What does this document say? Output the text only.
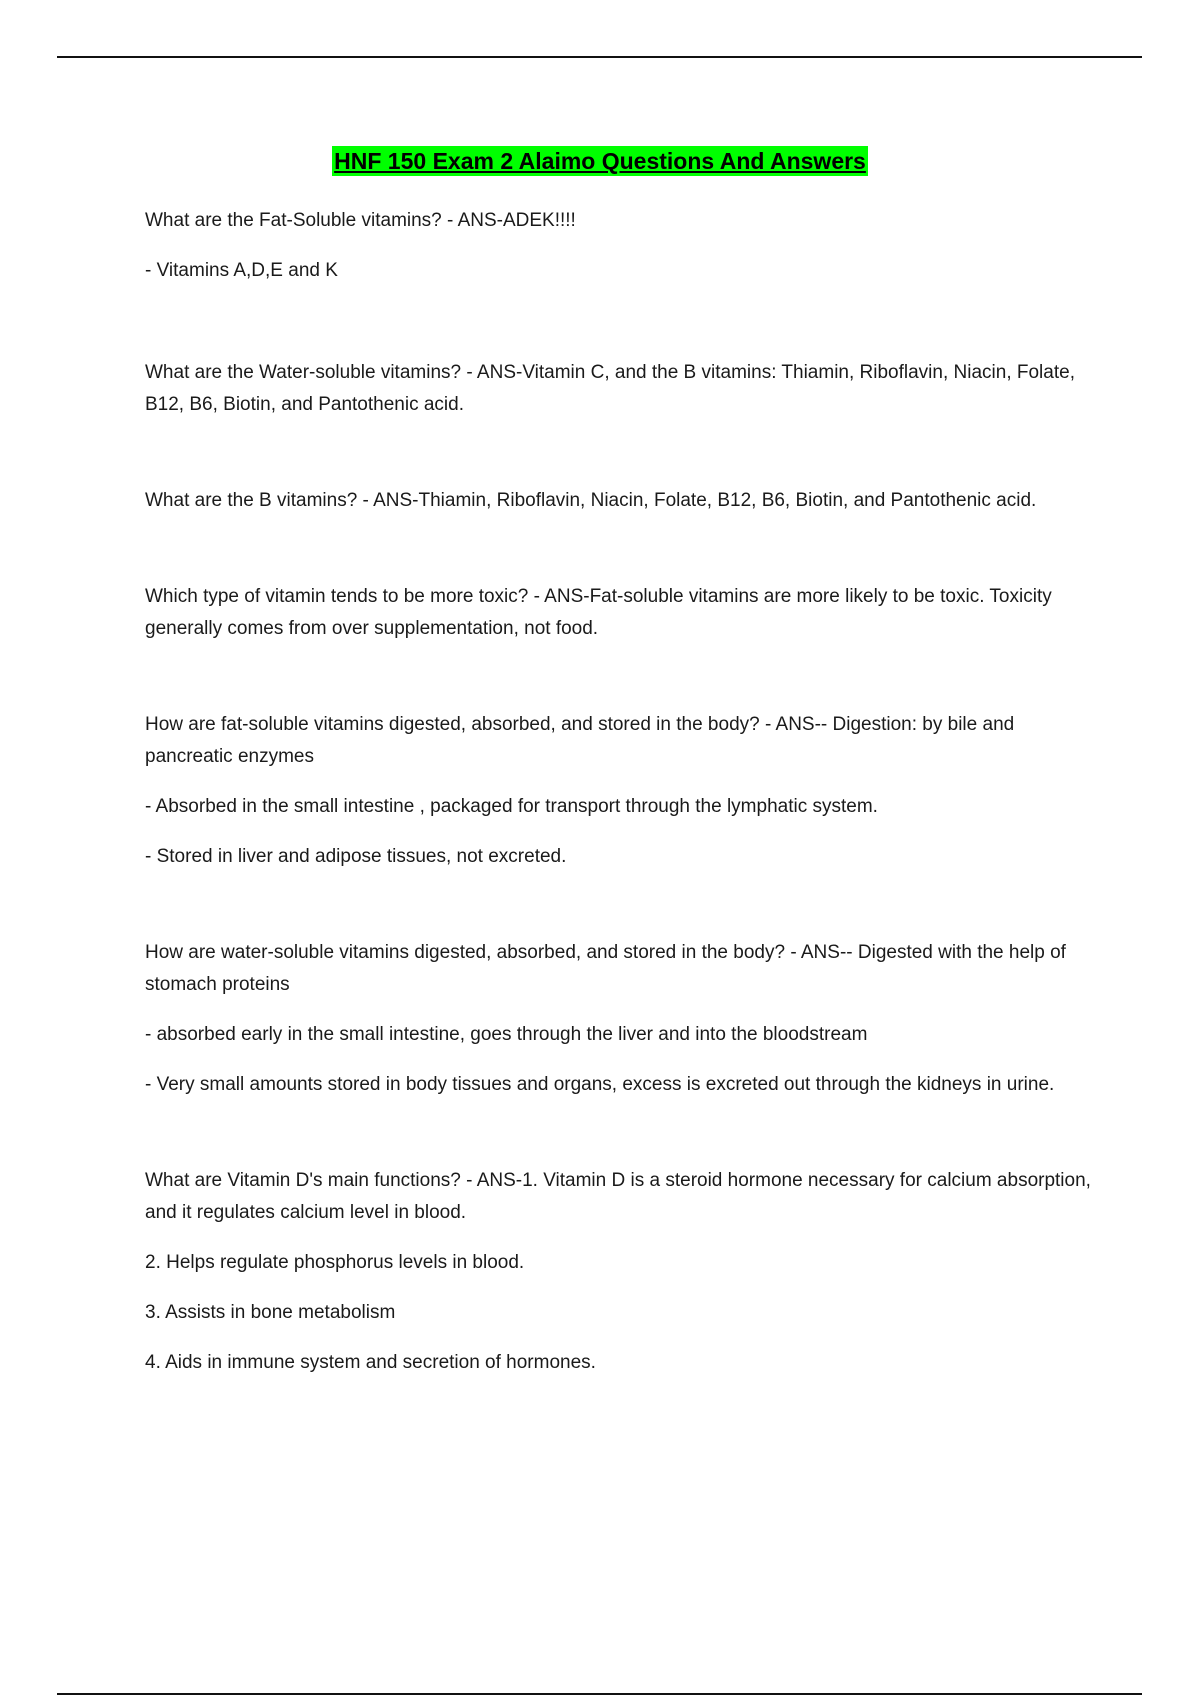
HNF 150 Exam 2 Alaimo Questions And Answers

What are the Fat-Soluble vitamins? - ANS-ADEK!!!!

- Vitamins A,D,E and K

What are the Water-soluble vitamins? - ANS-Vitamin C, and the B vitamins: Thiamin, Riboflavin, Niacin, Folate, B12, B6, Biotin, and Pantothenic acid.

What are the B vitamins? - ANS-Thiamin, Riboflavin, Niacin, Folate, B12, B6, Biotin, and Pantothenic acid.

Which type of vitamin tends to be more toxic? - ANS-Fat-soluble vitamins are more likely to be toxic. Toxicity generally comes from over supplementation, not food.

How are fat-soluble vitamins digested, absorbed, and stored in the body? - ANS-- Digestion: by bile and pancreatic enzymes

- Absorbed in the small intestine , packaged for transport through the lymphatic system.

- Stored in liver and adipose tissues, not excreted.

How are water-soluble vitamins digested, absorbed, and stored in the body? - ANS-- Digested with the help of stomach proteins

- absorbed early in the small intestine, goes through the liver and into the bloodstream

- Very small amounts stored in body tissues and organs, excess is excreted out through the kidneys in urine.

What are Vitamin D's main functions? - ANS-1. Vitamin D is a steroid hormone necessary for calcium absorption, and it regulates calcium level in blood.

2. Helps regulate phosphorus levels in blood.

3. Assists in bone metabolism

4. Aids in immune system and secretion of hormones.
